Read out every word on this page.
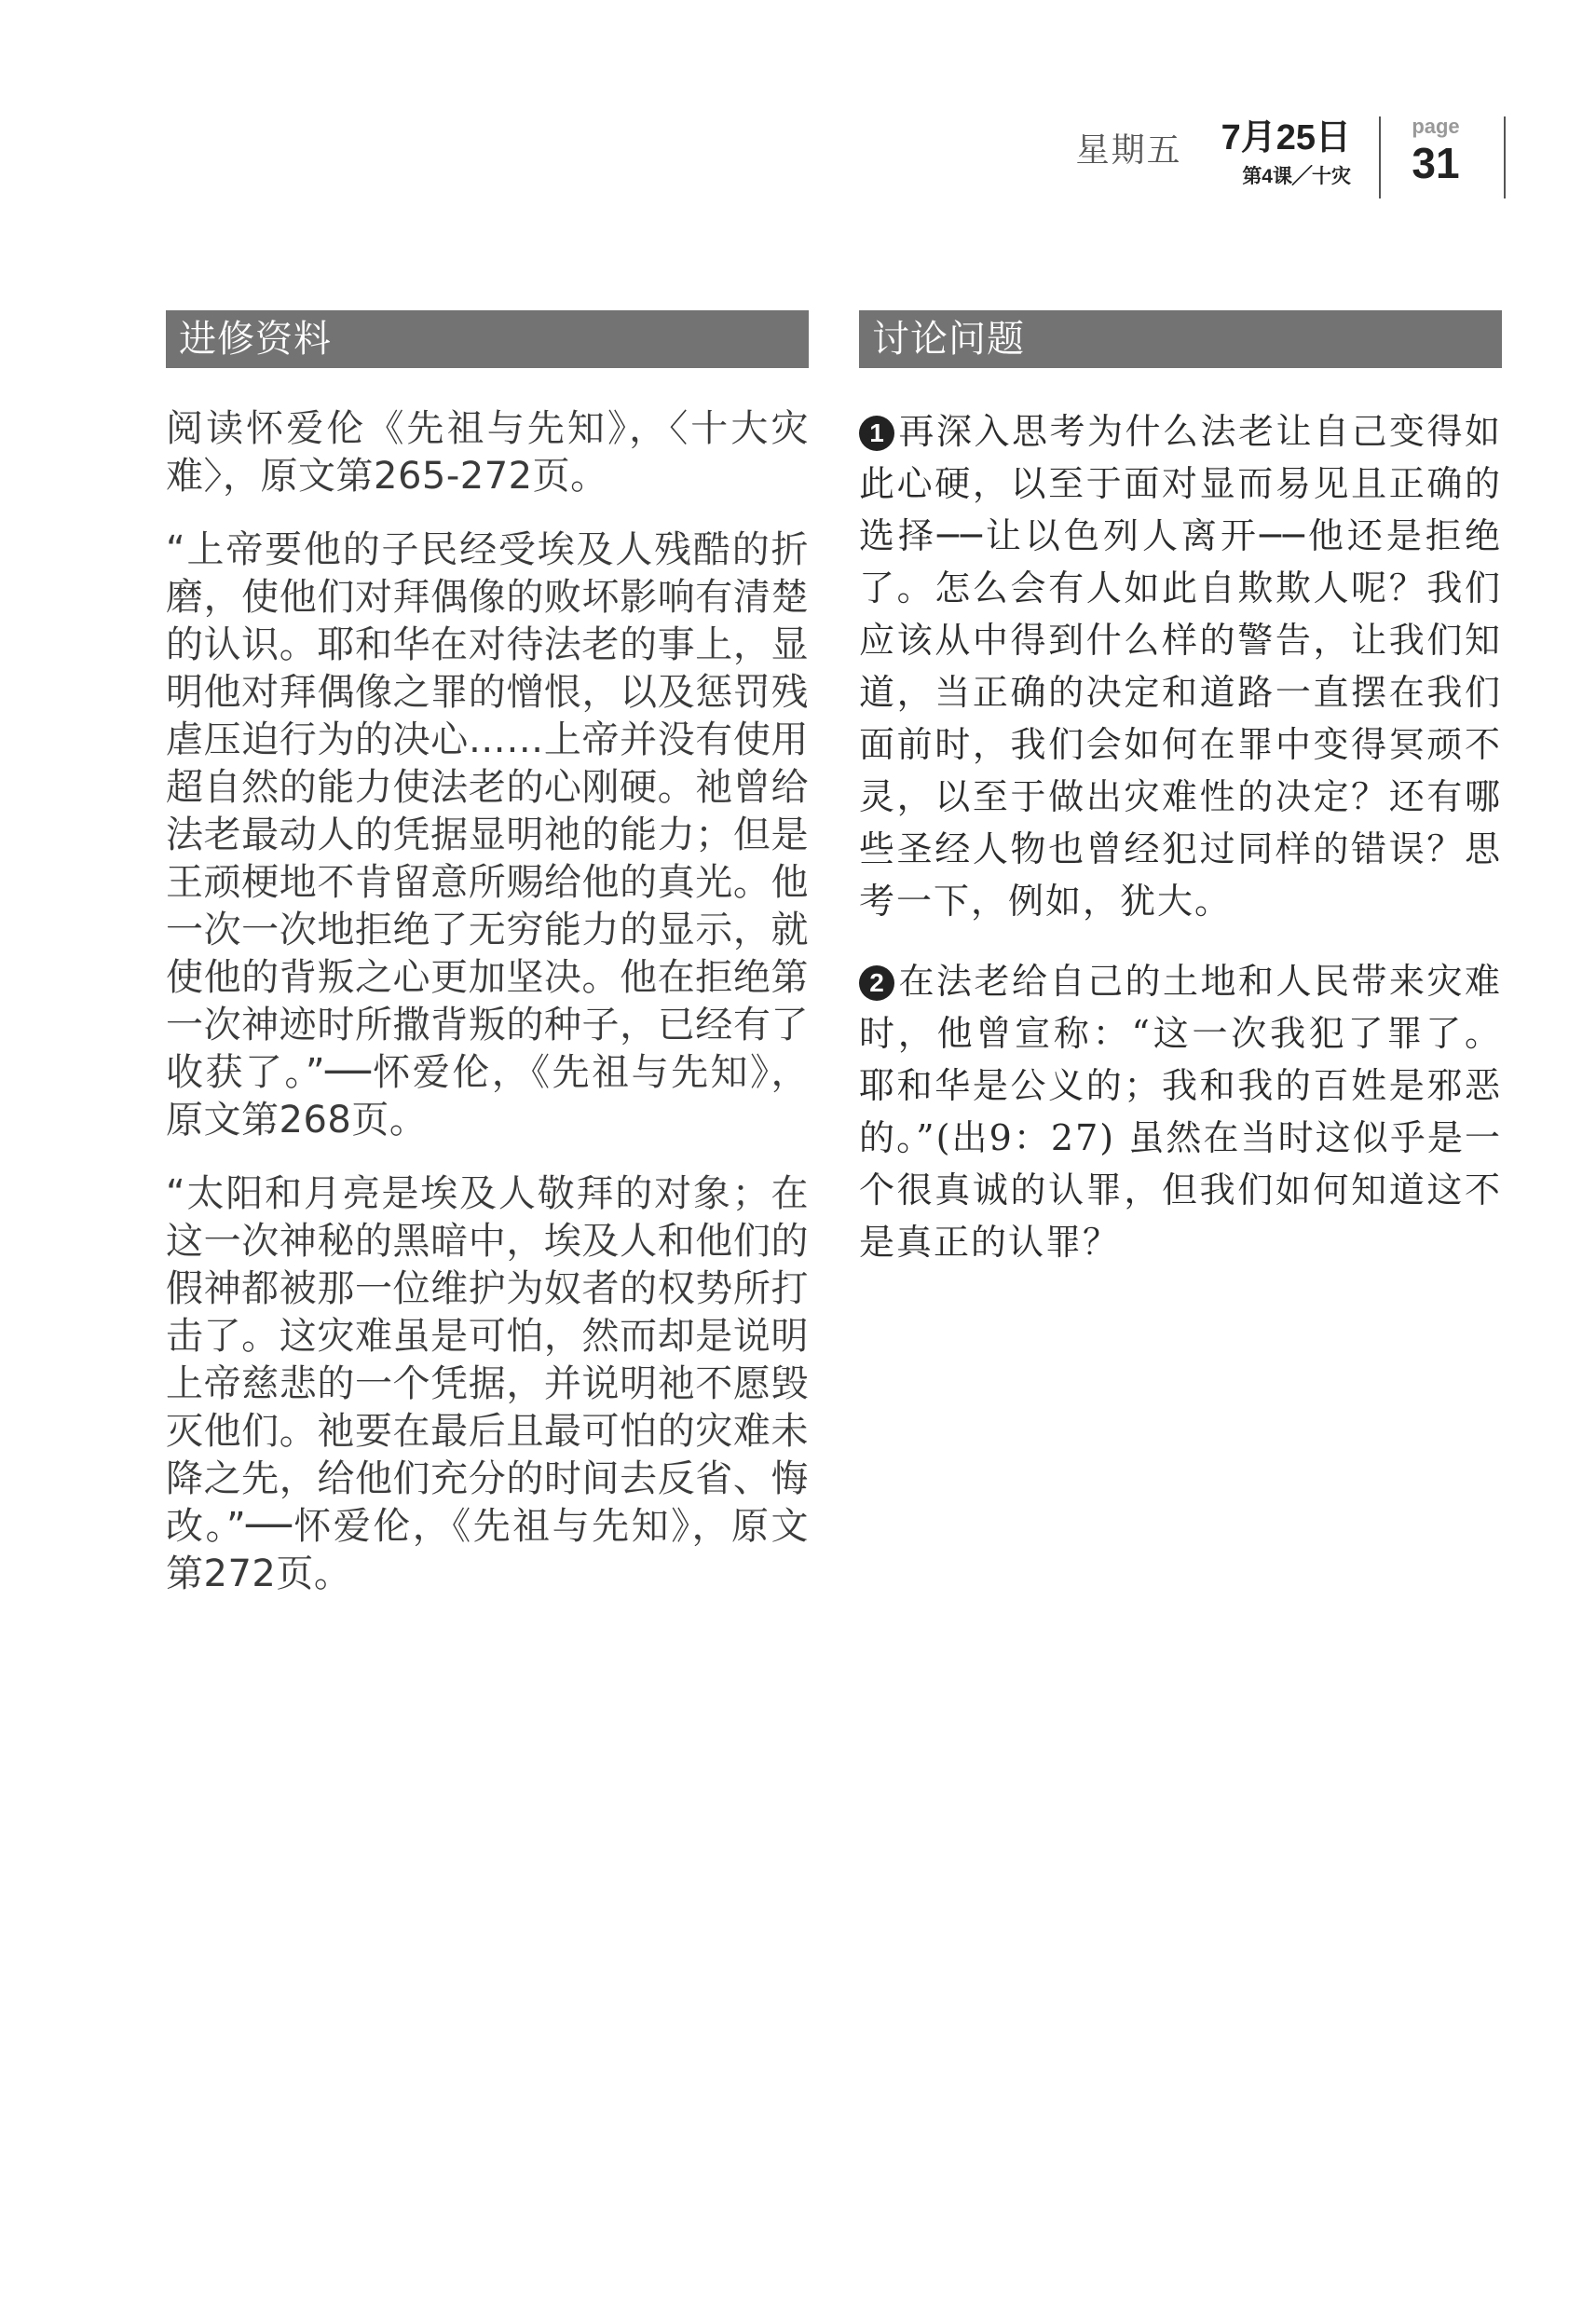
星期五 7月25日
第4课╱十灾
page
31
进修资料

阅读怀爱伦《先祖与先知》，〈十大灾难〉，原文第265-272页。

“上帝要他的子民经受埃及人残酷的折磨，使他们对拜偶像的败坏影响有清楚的认识。耶和华在对待法老的事上，显明他对拜偶像之罪的憎恨，以及惩罚残虐压迫行为的决心……上帝并没有使用超自然的能力使法老的心刚硬。祂曾给法老最动人的凭据显明祂的能力；但是王顽梗地不肯留意所赐给他的真光。他一次一次地拒绝了无穷能力的显示，就使他的背叛之心更加坚决。他在拒绝第一次神迹时所撒背叛的种子，已经有了收获了。”──怀爱伦，《先祖与先知》，原文第268页。

“太阳和月亮是埃及人敬拜的对象；在这一次神秘的黑暗中，埃及人和他们的假神都被那一位维护为奴者的权势所打击了。这灾难虽是可怕，然而却是说明上帝慈悲的一个凭据，并说明祂不愿毁灭他们。祂要在最后且最可怕的灾难未降之先，给他们充分的时间去反省、悔改。”──怀爱伦，《先祖与先知》，原文第272页。

讨论问题

1 再深入思考为什么法老让自己变得如此心硬，以至于面对显而易见且正确的选择──让以色列人离开──他还是拒绝了。怎么会有人如此自欺欺人呢？我们应该从中得到什么样的警告，让我们知道，当正确的决定和道路一直摆在我们面前时，我们会如何在罪中变得冥顽不灵，以至于做出灾难性的决定？还有哪些圣经人物也曾经犯过同样的错误？思考一下，例如，犹大。

2 在法老给自己的土地和人民带来灾难时，他曾宣称：“这一次我犯了罪了。耶和华是公义的；我和我的百姓是邪恶的。”(出9：27) 虽然在当时这似乎是一个很真诚的认罪，但我们如何知道这不是真正的认罪？
